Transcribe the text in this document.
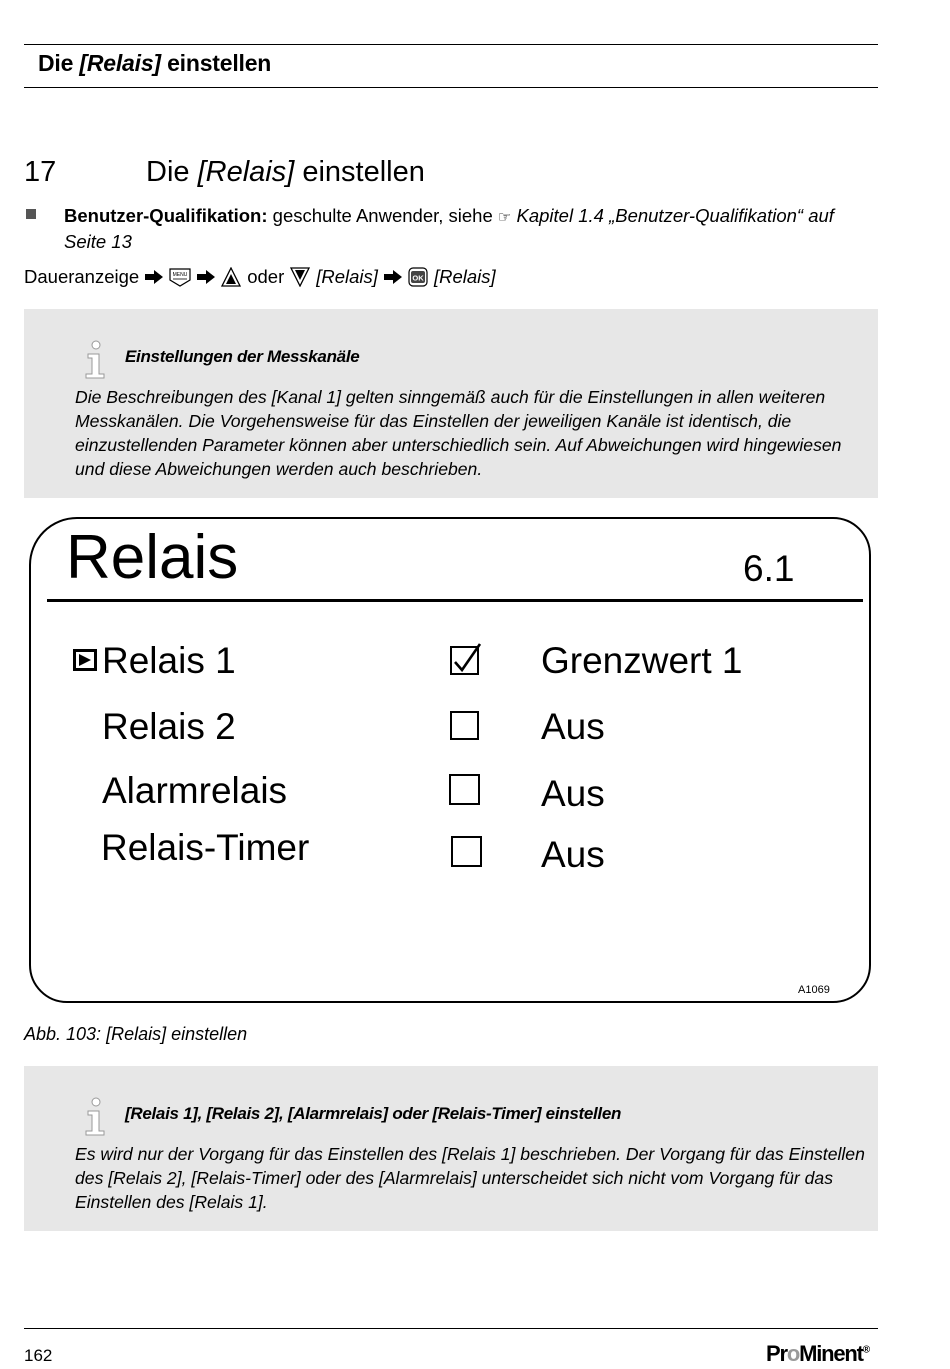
Die [Relais] einstellen
17	Die [Relais] einstellen
Benutzer-Qualifikation: geschulte Anwender, siehe ☞ Kapitel 1.4 „Benutzer-Qualifikation“ auf Seite 13
Daueranzeige	MENU	oder [Relais]	OK [Relais]
Einstellungen der Messkanäle
Die Beschreibungen des [Kanal 1] gelten sinngemäß auch für die Einstellungen in allen weiteren Messkanälen. Die Vorgehensweise für das Einstellen der jeweiligen Kanäle ist identisch, die einzustellenden Parameter können aber unterschiedlich sein. Auf Abweichungen wird hingewiesen und diese Abweichungen werden auch beschrieben.
Relais	6.1
Relais 1	Grenzwert 1
Relais 2	Aus
Alarmrelais	Aus
Relais-Timer	Aus
A1069
Abb. 103: [Relais] einstellen
[Relais 1], [Relais 2], [Alarmrelais] oder [Relais-Timer] einstellen
Es wird nur der Vorgang für das Einstellen des [Relais 1] beschrieben. Der Vorgang für das Einstellen des [Relais 2], [Relais-Timer] oder des [Alarmrelais] unterscheidet sich nicht vom Vorgang für das Einstellen des [Relais 1].
162	ProMinent®
